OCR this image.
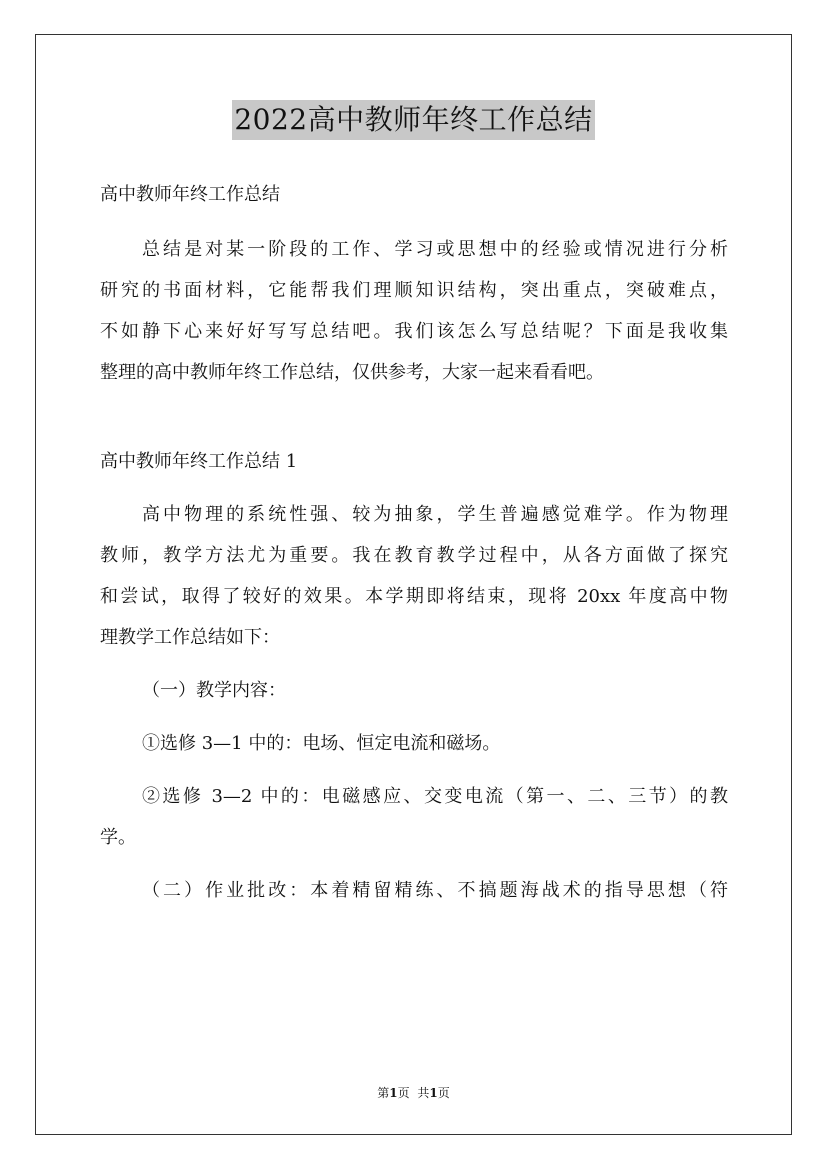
2022高中教师年终工作总结

高中教师年终工作总结

总结是对某一阶段的工作、学习或思想中的经验或情况进行分析

研究的书面材料，它能帮我们理顺知识结构，突出重点，突破难点，

不如静下心来好好写写总结吧。我们该怎么写总结呢？下面是我收集

整理的高中教师年终工作总结，仅供参考，大家一起来看看吧。

高中教师年终工作总结 1

高中物理的系统性强、较为抽象，学生普遍感觉难学。作为物理

教师，教学方法尤为重要。我在教育教学过程中，从各方面做了探究

和尝试，取得了较好的效果。本学期即将结束，现将 20xx 年度高中物

理教学工作总结如下：

（一）教学内容：

①选修 3—1 中的：电场、恒定电流和磁场。

②选修 3—2 中的：电磁感应、交变电流（第一、二、三节）的教

学。

（二）作业批改：本着精留精练、不搞题海战术的指导思想（符

第1页 共1页
